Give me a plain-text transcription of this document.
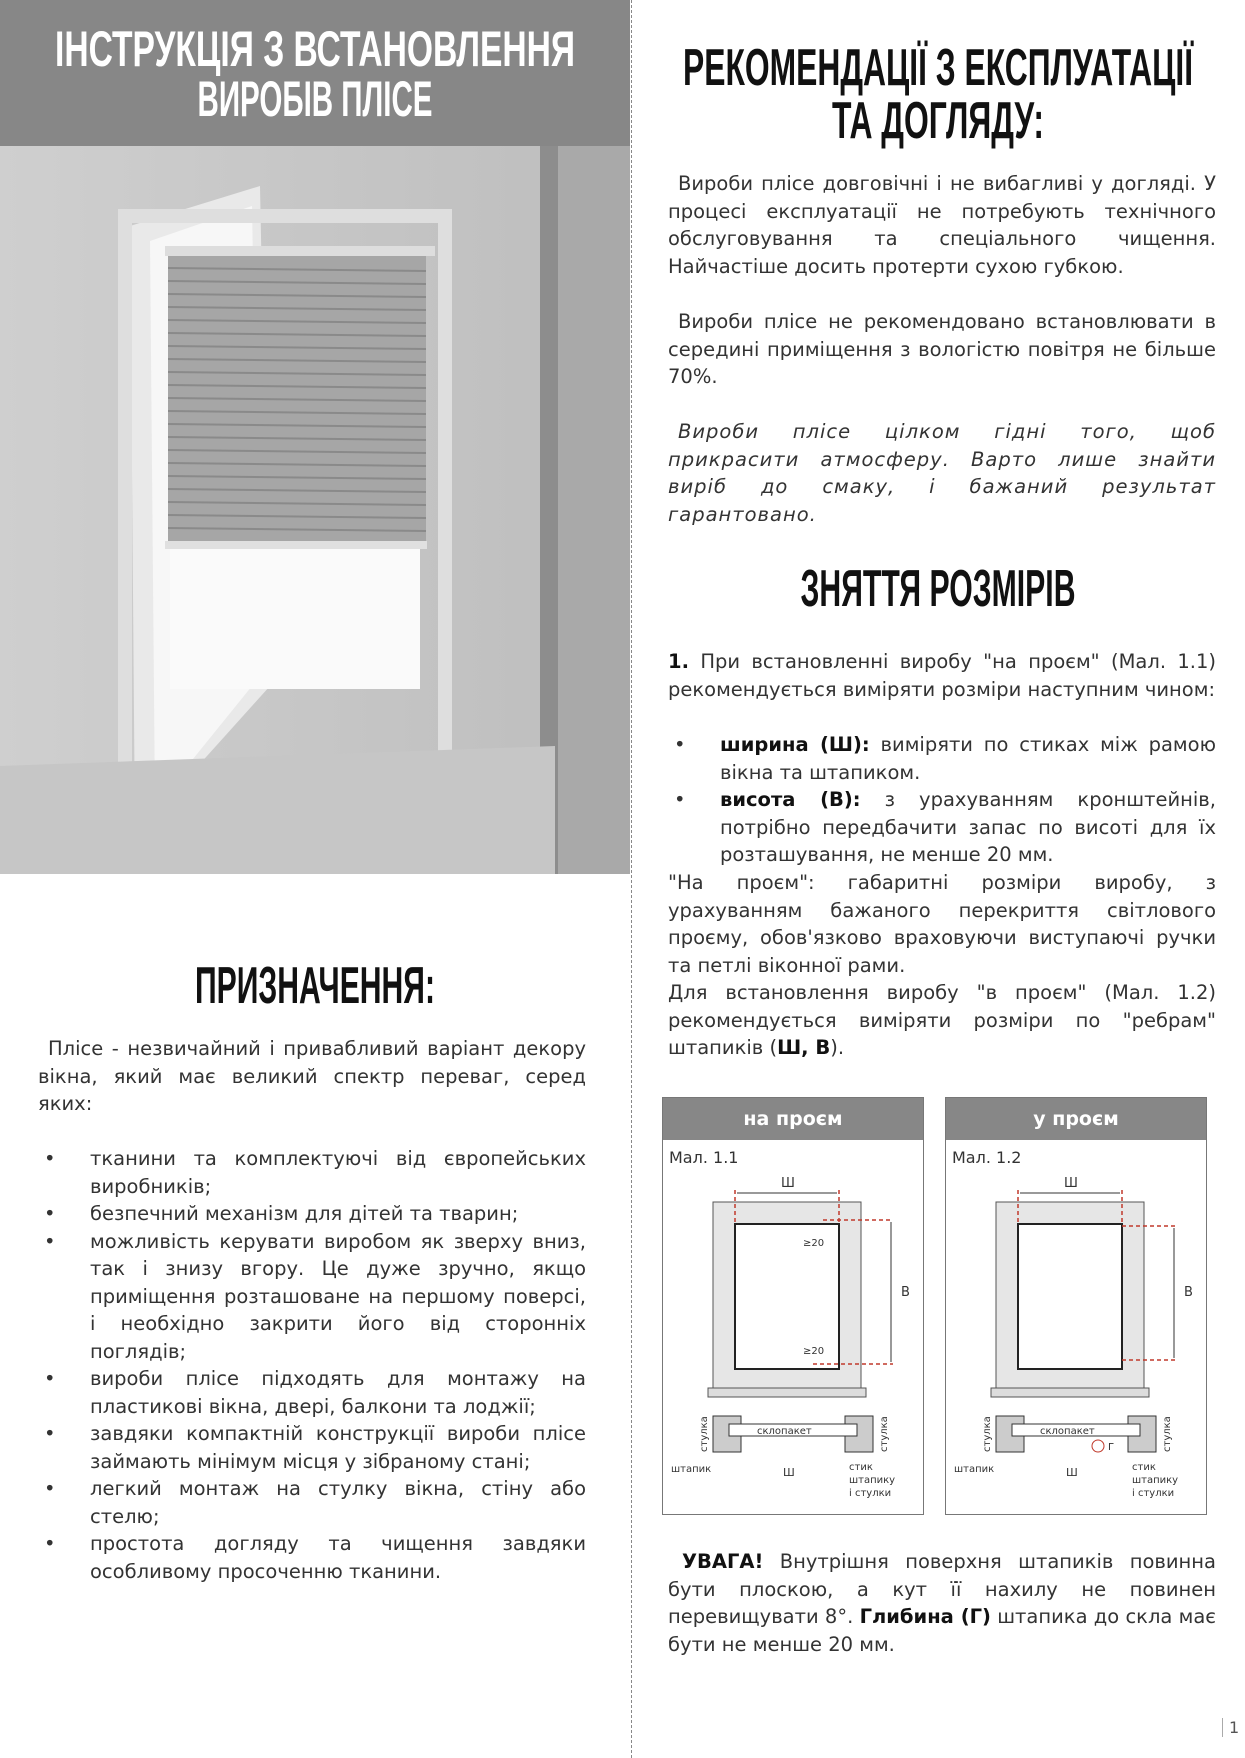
ІНСТРУКЦІЯ З ВСТАНОВЛЕННЯ
ВИРОБІВ ПЛІСЕ
ПРИЗНАЧЕННЯ:

Плісе - незвичайний і привабливий варіант декору вікна, який має великий спектр переваг, серед яких:

• тканини та комплектуючі від європейських виробників;
• безпечний механізм для дітей та тварин;
• можливість керувати виробом як зверху вниз, так і знизу вгору. Це дуже зручно, якщо приміщення розташоване на першому поверсі, і необхідно закрити його від сторонніх поглядів;
• вироби плісе підходять для монтажу на пластикові вікна, двері, балкони та лоджії;
• завдяки компактній конструкції вироби плісе займають мінімум місця у зібраному стані;
• легкий монтаж на стулку вікна, стіну або стелю;
• простота догляду та чищення завдяки особливому просоченню тканини.
РЕКОМЕНДАЦІЇ З ЕКСПЛУАТАЦІЇ
ТА ДОГЛЯДУ:

Вироби плісе довговічні і не вибагливі у догляді. У процесі експлуатації не потребують технічного обслуговування та спеціального чищення. Найчастіше досить протерти сухою губкою.

Вироби плісе не рекомендовано встановлювати в середині приміщення з вологістю повітря не більше 70%.

Вироби плісе цілком гідні того, щоб прикрасити атмосферу. Варто лише знайти виріб до смаку, і бажаний результат гарантовано.

ЗНЯТТЯ РОЗМІРІВ

1. При встановленні виробу "на проєм" (Мал. 1.1) рекомендується виміряти розміри наступним чином:

• ширина (Ш): виміряти по стиках між рамою вікна та штапиком.
• висота (В): з урахуванням кронштейнів, потрібно передбачити запас по висоті для їх розташування, не менше 20 мм.

"На проєм": габаритні розміри виробу, з урахуванням бажаного перекриття світлового проєму, обов'язково враховуючи виступаючі ручки та петлі віконної рами.

Для встановлення виробу "в проєм" (Мал. 1.2) рекомендується виміряти розміри по "ребрам" штапиків (Ш, В).

на проєм
Мал. 1.1
Ш
В
≥20
≥20
склопакет
стулка	стулка
штапик	Ш	стик
штапику
і стулки
у проєм
Мал. 1.2
Ш
В
склопакет
стулка	стулка
Г
штапик	Ш	стик
штапику
і стулки

УВАГА! Внутрішня поверхня штапиків повинна бути плоскою, а кут її нахилу не повинен перевищувати 8°. Глибина (Г) штапика до скла має бути не менше 20 мм.

1
